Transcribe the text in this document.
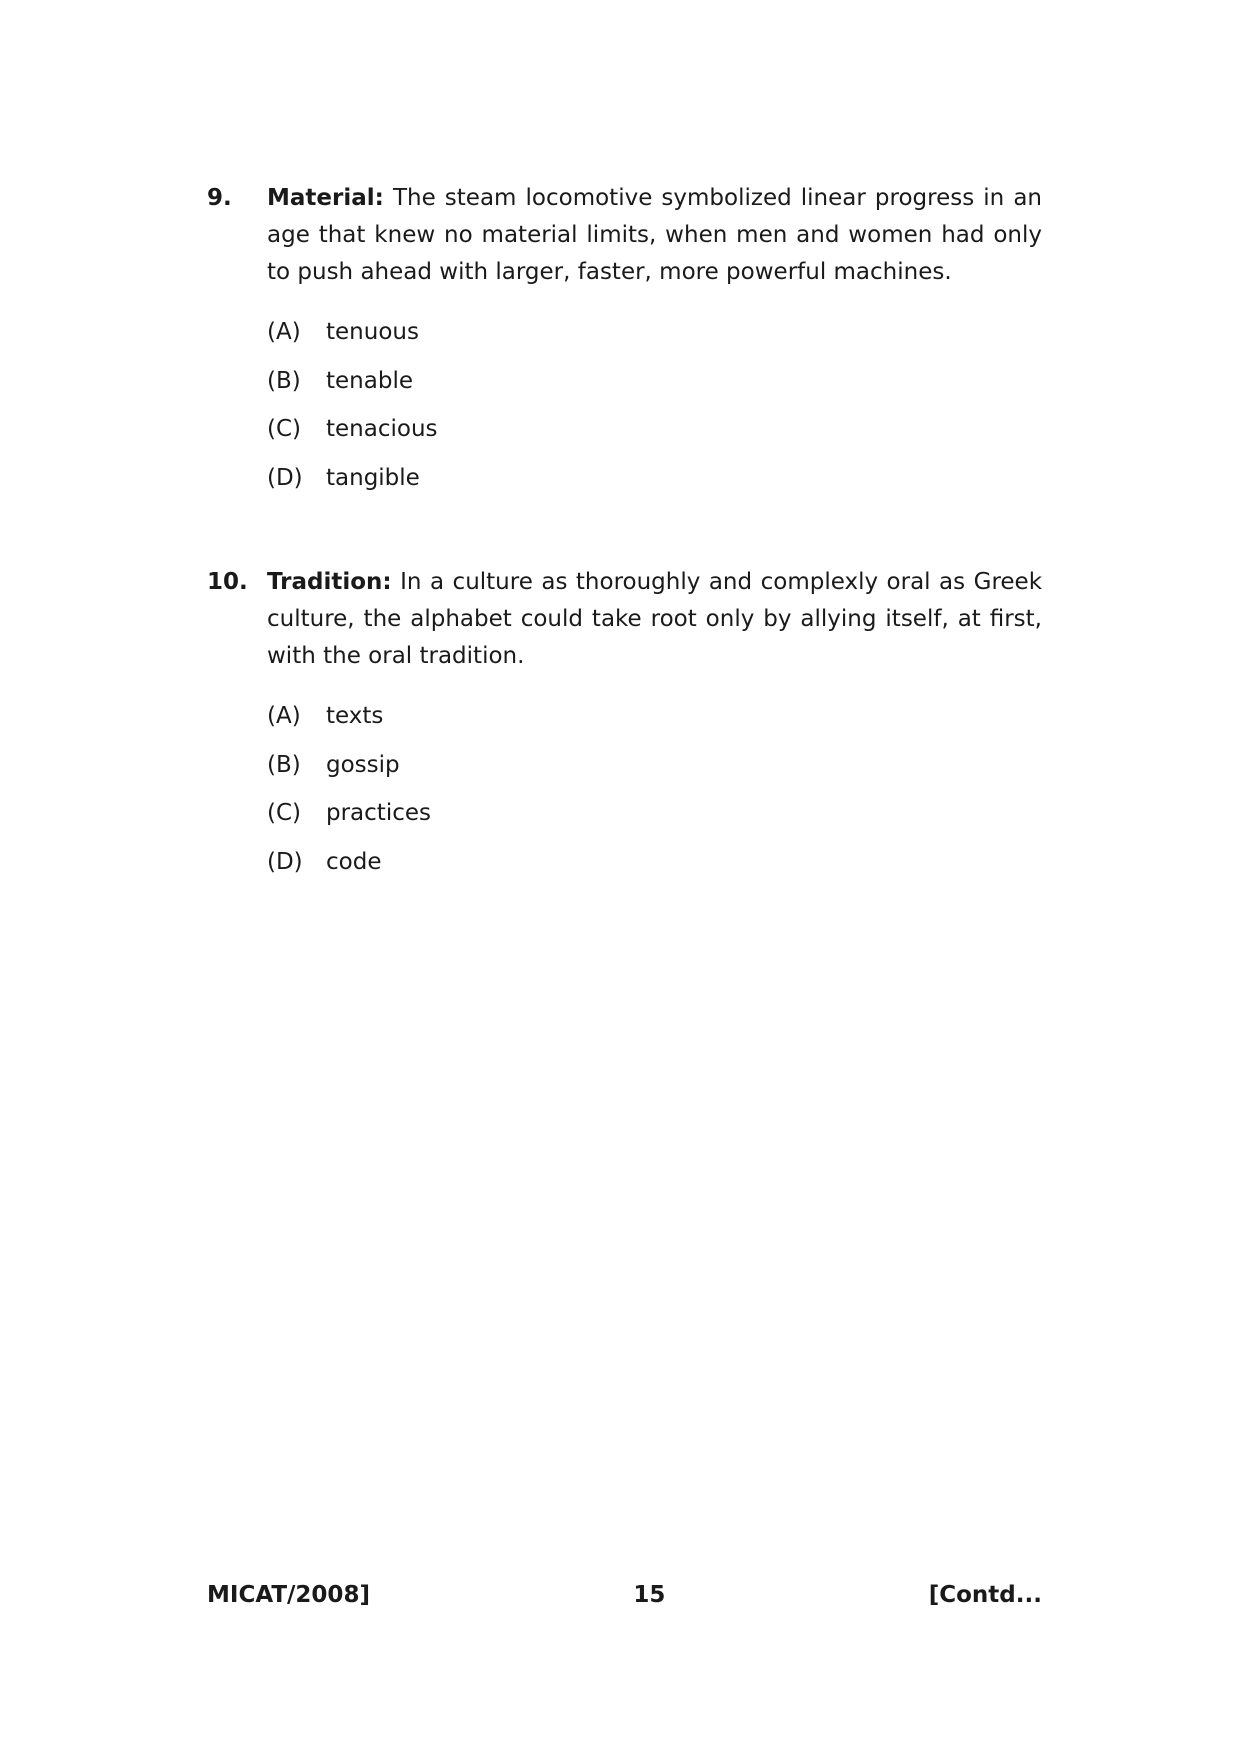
9.	Material: The steam locomotive symbolized linear progress in an age that knew no material limits, when men and women had only to push ahead with larger, faster, more powerful machines.
(A)	tenuous
(B)	tenable
(C)	tenacious
(D)	tangible
10. Tradition: In a culture as thoroughly and complexly oral as Greek culture, the alphabet could take root only by allying itself, at first, with the oral tradition.
(A)	texts
(B)	gossip
(C)	practices
(D)	code
MICAT/2008]	15	[Contd...
